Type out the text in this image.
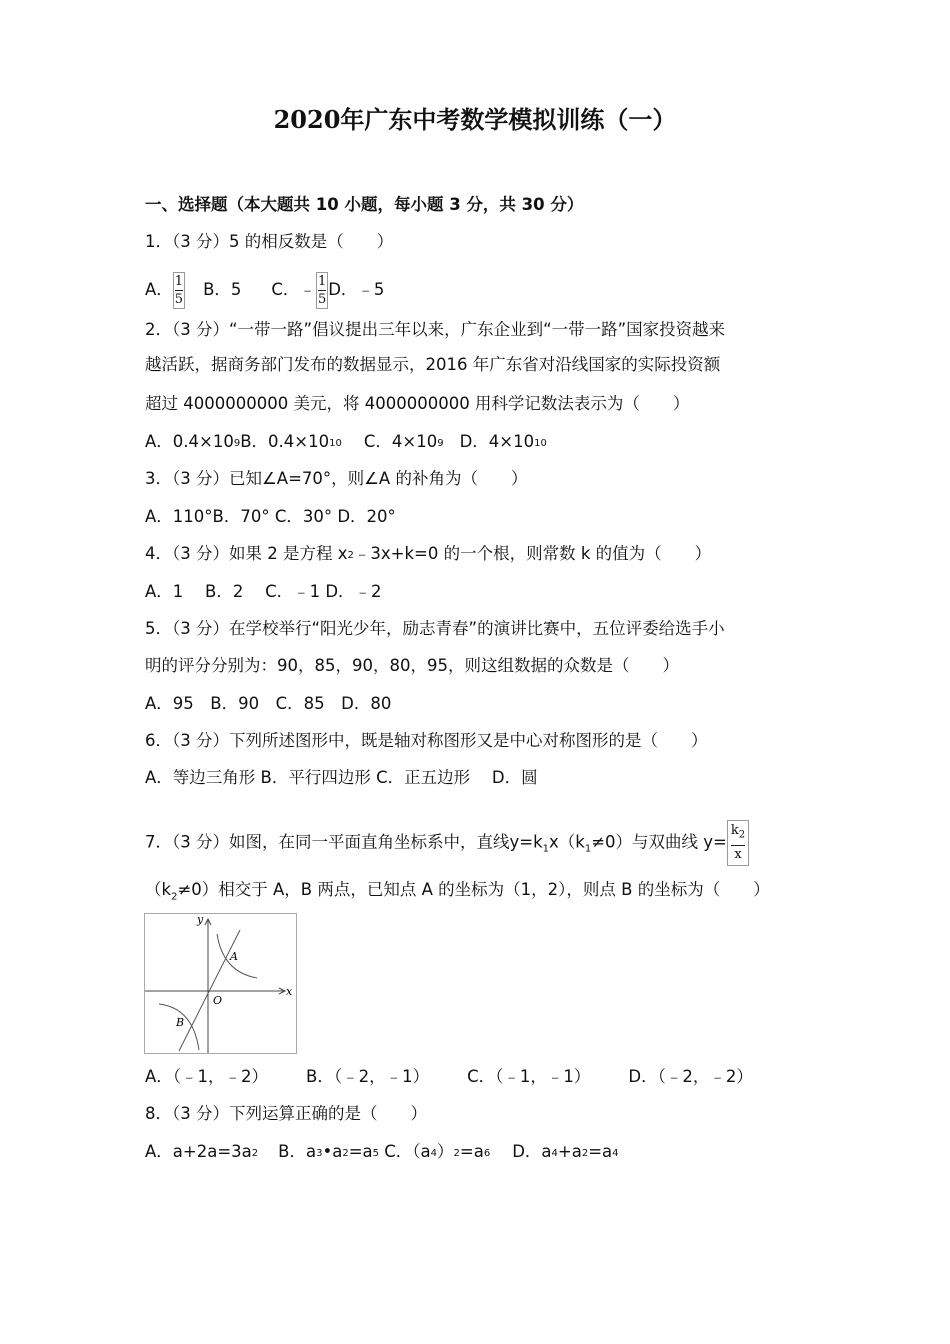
2020年广东中考数学模拟训练（一）
一、选择题（本大题共 10 小题，每小题 3 分，共 30 分）
1．（3 分）5 的相反数是（　　）
A． $\frac{1}{5}$ B．5 C．﹣ $\frac{1}{5}$ D．﹣5
2．（3 分）“一带一路”倡议提出三年以来，广东企业到“一带一路”国家投资越来
越活跃，据商务部门发布的数据显示，2016 年广东省对沿线国家的实际投资额
超过 4000000000 美元，将 4000000000 用科学记数法表示为（　　）
A．$0.4\times 10^9B$．$0.4\times 10^{10}$ C．$4\times 10^9$ D．$4\times 10^{10}$
3．（3 分）已知∠A=70°，则∠A 的补角为（　　）
A．110°B．70° C．30° D．20°
4．（3 分）如果 2 是方程 $x^2﹣3x+k=0$ 的一个根，则常数 k 的值为（　　）
A．1　 B．2　 C．﹣1 D．﹣2
5．（3 分）在学校举行“阳光少年，励志青春”的演讲比赛中，五位评委给选手小
明的评分分别为：90，85，90，80，95，则这组数据的众数是（　　）
A．95　B．90　C．85　D．80
6．（3 分）下列所述图形中，既是轴对称图形又是中心对称图形的是（　　）
A．等边三角形 B．平行四边形 C．正五边形　 D．圆
7．（3 分）如图，在同一平面直角坐标系中，直线$y=k_1x(k_1\ne 0)$与双曲线 $y= \frac{k_2}{x}$
$(k_2\ne 0)$相交于 A，B 两点，已知点 A 的坐标为（1，2），则点 B 的坐标为（　　）
y
x
O
A
B
A．（﹣1，﹣2） B．（﹣2，﹣1） C．（﹣1，﹣1） D．（﹣2，﹣2）
8．（3 分）下列运算正确的是（　　）
A．$a+2a=3a^2$ B．$a^3•a^2=a^5$ C．$(a^4)^2=a^6$ D．$a^4+a^2=a^4$
